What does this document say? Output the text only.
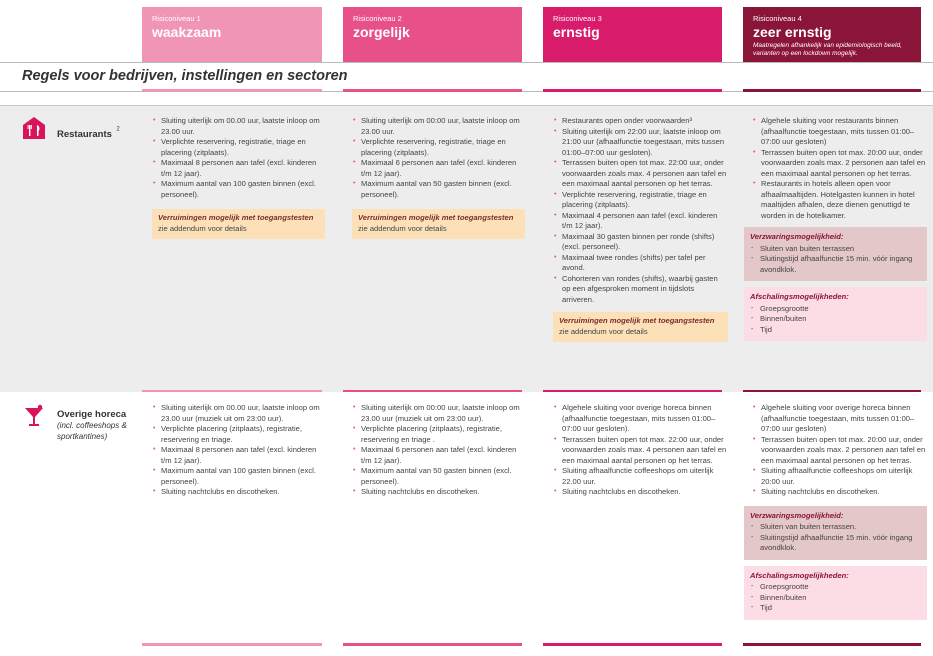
Risiconiveau 1
waakzaam
Risiconiveau 2
zorgelijk
Risiconiveau 3
ernstig
Risiconiveau 4
zeer ernstig
Maatregelen afhankelijk van epidemiologisch beeld, varianten op een lockdown mogelijk.
Regels voor bedrijven, instellingen en sectoren
Restaurants $^2$
• Sluiting uiterlijk om 00.00 uur, laatste inloop om 23.00 uur.
• Verplichte reservering, registratie, triage en placering (zitplaats).
• Maximaal 8 personen aan tafel (excl. kinderen t/m 12 jaar).
• Maximum aantal van 100 gasten binnen (excl. personeel).
Verruimingen mogelijk met toegangstesten
zie addendum voor details
• Sluiting uiterlijk om 00:00 uur, laatste inloop om 23.00 uur.
• Verplichte reservering, registratie, triage en placering (zitplaats).
• Maximaal 6 personen aan tafel (excl. kinderen t/m 12 jaar).
• Maximum aantal van 50 gasten binnen (excl. personeel).
Verruimingen mogelijk met toegangstesten
zie addendum voor details
• Restaurants open onder voorwaarden³
• Sluiting uiterlijk om 22:00 uur, laatste inloop om 21:00 uur (afhaalfunctie toegestaan, mits tussen 01:00–07:00 uur gesloten).
• Terrassen buiten open tot max. 22:00 uur, onder voorwaarden zoals max. 4 personen aan tafel en een maximaal aantal personen op het terras.
• Verplichte reservering, registratie, triage en placering (zitplaats).
• Maximaal 4 personen aan tafel (excl. kinderen t/m 12 jaar).
• Maximaal 30 gasten binnen per ronde (shifts) (excl. personeel).
• Maximaal twee rondes (shifts) per tafel per avond.
• Cohorteren van rondes (shifts), waarbij gasten op een afgesproken moment in tijdslots arriveren.
Verruimingen mogelijk met toegangstesten
zie addendum voor details
• Algehele sluiting voor restaurants binnen (afhaalfunctie toegestaan, mits tussen 01:00–07:00 uur gesloten)
• Terrassen buiten open tot max. 20:00 uur, onder voorwaarden zoals max. 2 personen aan tafel en een maximaal aantal personen op het terras.
• Restaurants in hotels alleen open voor afhaalmaaltijden. Hotelgasten kunnen in hotel maaltijden afhalen, deze dienen genuttigd te worden in de hotelkamer.
Verzwaringsmogelijkheid:
- Sluiten van buiten terrassen
- Sluitingstijd afhaalfunctie 15 min. vóór ingang avondklok.
Afschalingsmogelijkheden:
- Groepsgrootte
- Binnen/buiten
- Tijd
Overige horeca
(incl. coffeeshops & sportkantines)
• Sluiting uiterlijk om 00.00 uur, laatste inloop om 23.00 uur (muziek uit om 23:00 uur).
• Verplichte placering (zitplaats), registratie, reservering en triage.
• Maximaal 8 personen aan tafel (excl. kinderen t/m 12 jaar).
• Maximum aantal van 100 gasten binnen (excl. personeel).
• Sluiting nachtclubs en discotheken.
• Sluiting uiterlijk om 00:00 uur, laatste inloop om 23.00 uur (muziek uit om 23:00 uur).
• Verplichte placering (zitplaats), registratie, reservering en triage .
• Maximaal 6 personen aan tafel (excl. kinderen t/m 12 jaar).
• Maximum aantal van 50 gasten binnen (excl. personeel).
• Sluiting nachtclubs en discotheken.
• Algehele sluiting voor overige horeca binnen (afhaalfunctie toegestaan, mits tussen 01:00–07:00 uur gesloten).
• Terrassen buiten open tot max. 22:00 uur, onder voorwaarden zoals max. 4 personen aan tafel en een maximaal aantal personen op het terras.
• Sluiting afhaalfunctie coffeeshops om uiterlijk 22.00 uur.
• Sluiting nachtclubs en discotheken.
• Algehele sluiting voor overige horeca binnen (afhaalfunctie toegestaan, mits tussen 01:00–07:00 uur gesloten)
• Terrassen buiten open tot max. 20:00 uur, onder voorwaarden zoals max. 2 personen aan tafel en een maximaal aantal personen op het terras.
• Sluiting afhaalfunctie coffeeshops om uiterlijk 20:00 uur.
• Sluiting nachtclubs en discotheken.
Verzwaringsmogelijkheid:
- Sluiten van buiten terrassen.
- Sluitingstijd afhaalfunctie 15 min. vóór ingang avondklok.
Afschalingsmogelijkheden:
- Groepsgrootte
- Binnen/buiten
- Tijd
